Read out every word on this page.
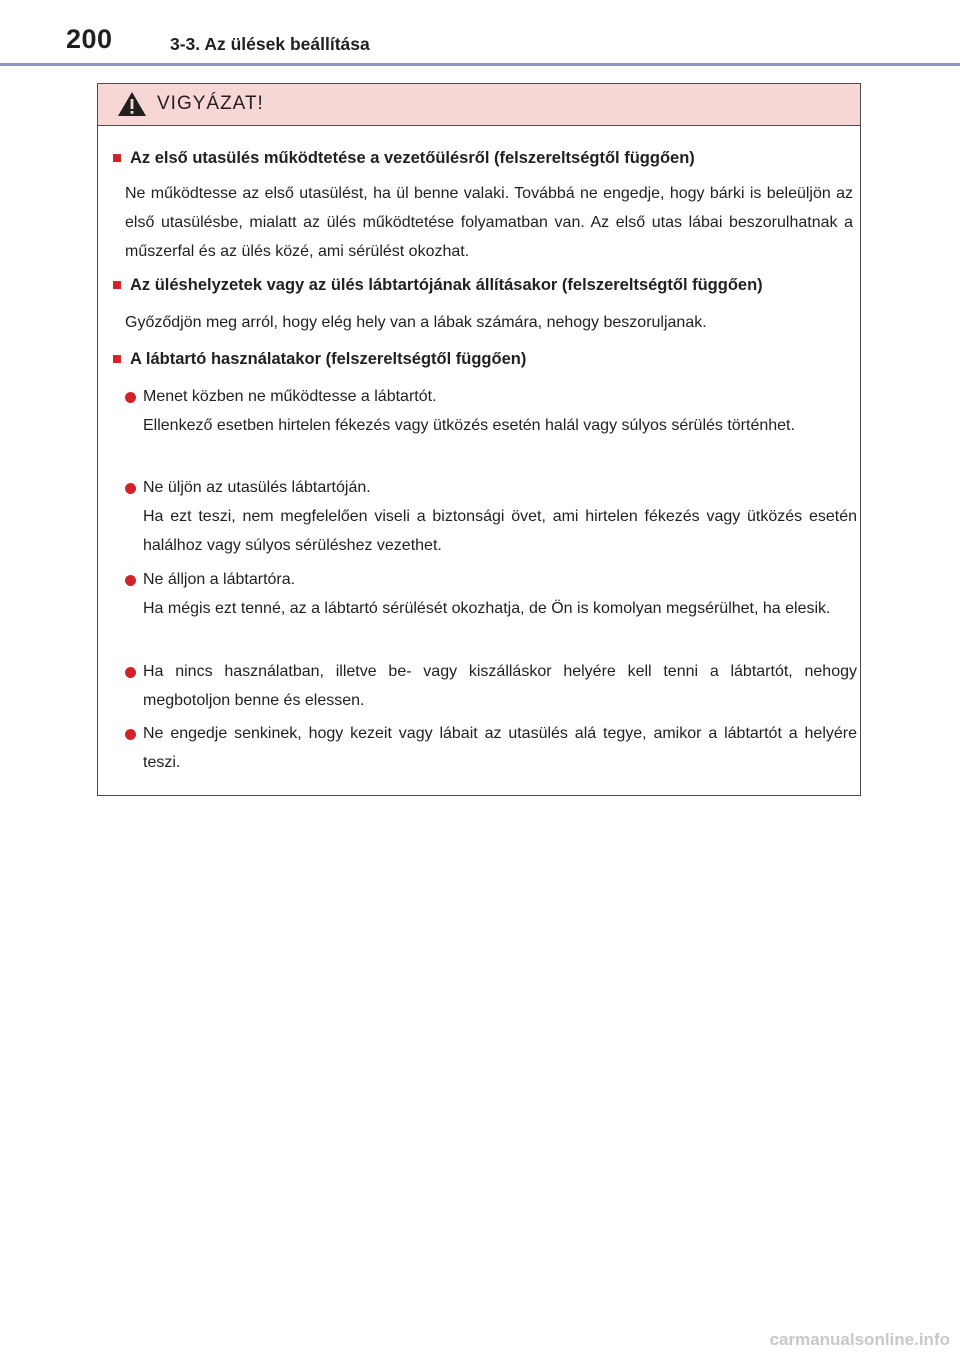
200	3-3. Az ülések beállítása
VIGYÁZAT!
■ Az első utasülés működtetése a vezetőülésről (felszereltségtől függően)
Ne működtesse az első utasülést, ha ül benne valaki. Továbbá ne engedje, hogy bárki is beleüljön az első utasülésbe, mialatt az ülés működtetése folyamatban van. Az első utas lábai beszorulhatnak a műszerfal és az ülés közé, ami sérülést okozhat.
■ Az üléshelyzetek vagy az ülés lábtartójának állításakor (felszereltségtől függően)
Győződjön meg arról, hogy elég hely van a lábak számára, nehogy beszoruljanak.
■ A lábtartó használatakor (felszereltségtől függően)
Menet közben ne működtesse a lábtartót.
Ellenkező esetben hirtelen fékezés vagy ütközés esetén halál vagy súlyos sérülés történhet.
Ne üljön az utasülés lábtartóján.
Ha ezt teszi, nem megfelelően viseli a biztonsági övet, ami hirtelen fékezés vagy ütközés esetén halálhoz vagy súlyos sérüléshez vezethet.
Ne álljon a lábtartóra.
Ha mégis ezt tenné, az a lábtartó sérülését okozhatja, de Ön is komolyan megsérülhet, ha elesik.
Ha nincs használatban, illetve be- vagy kiszálláskor helyére kell tenni a lábtartót, nehogy megbotoljon benne és elessen.
Ne engedje senkinek, hogy kezeit vagy lábait az utasülés alá tegye, amikor a lábtartót a helyére teszi.
carmanualsonline.info
